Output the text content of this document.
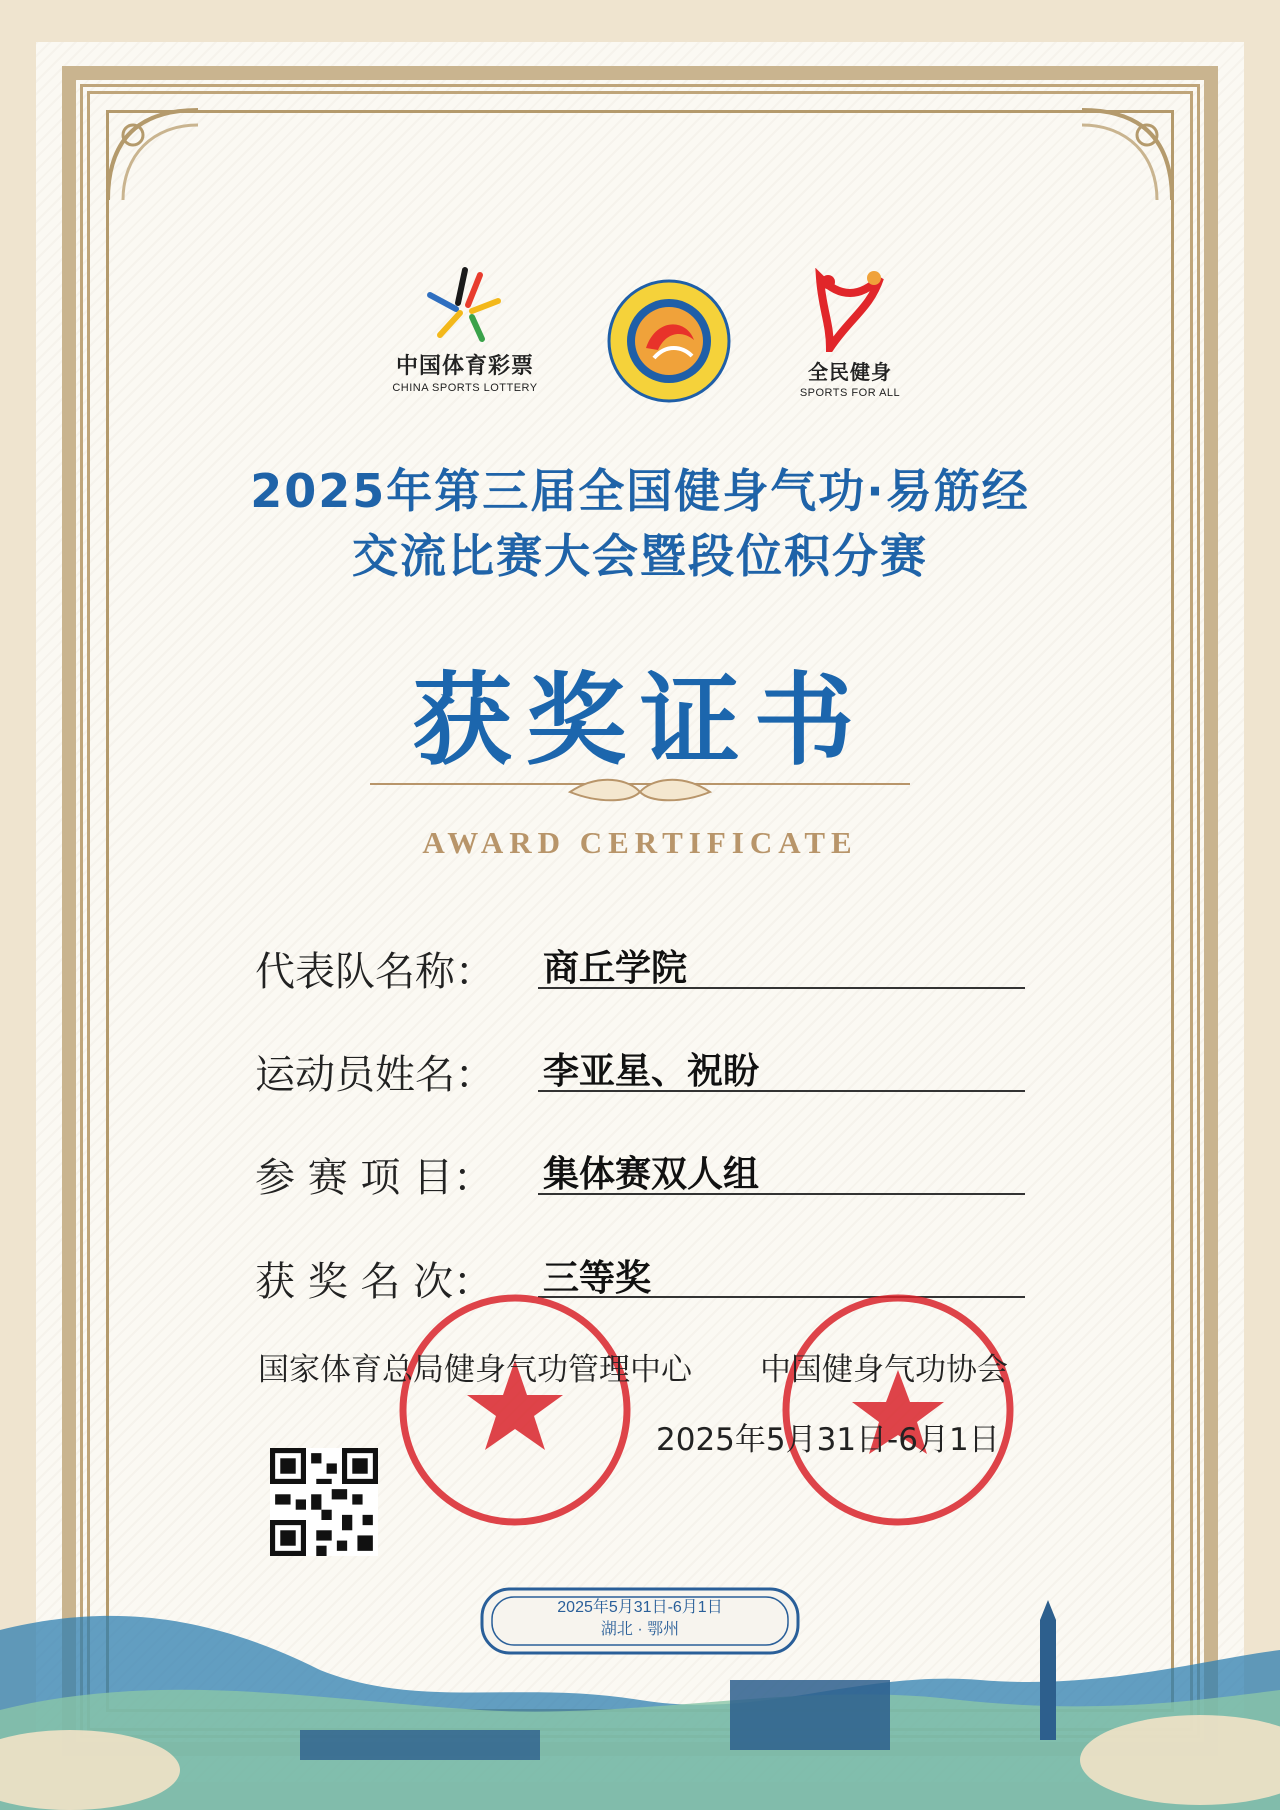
中国体育彩票
CHINA SPORTS LOTTERY
全民健身
SPORTS FOR ALL
2025年第三届全国健身气功·易筋经
交流比赛大会暨段位积分赛
获奖证书
AWARD CERTIFICATE
代表队名称： 商丘学院
运动员姓名： 李亚星、祝盼
参 赛 项 目： 集体赛双人组
获 奖 名 次： 三等奖
国家体育总局健身气功管理中心 中国健身气功协会
2025年5月31日-6月1日
2025年5月31日-6月1日
湖北 · 鄂州
